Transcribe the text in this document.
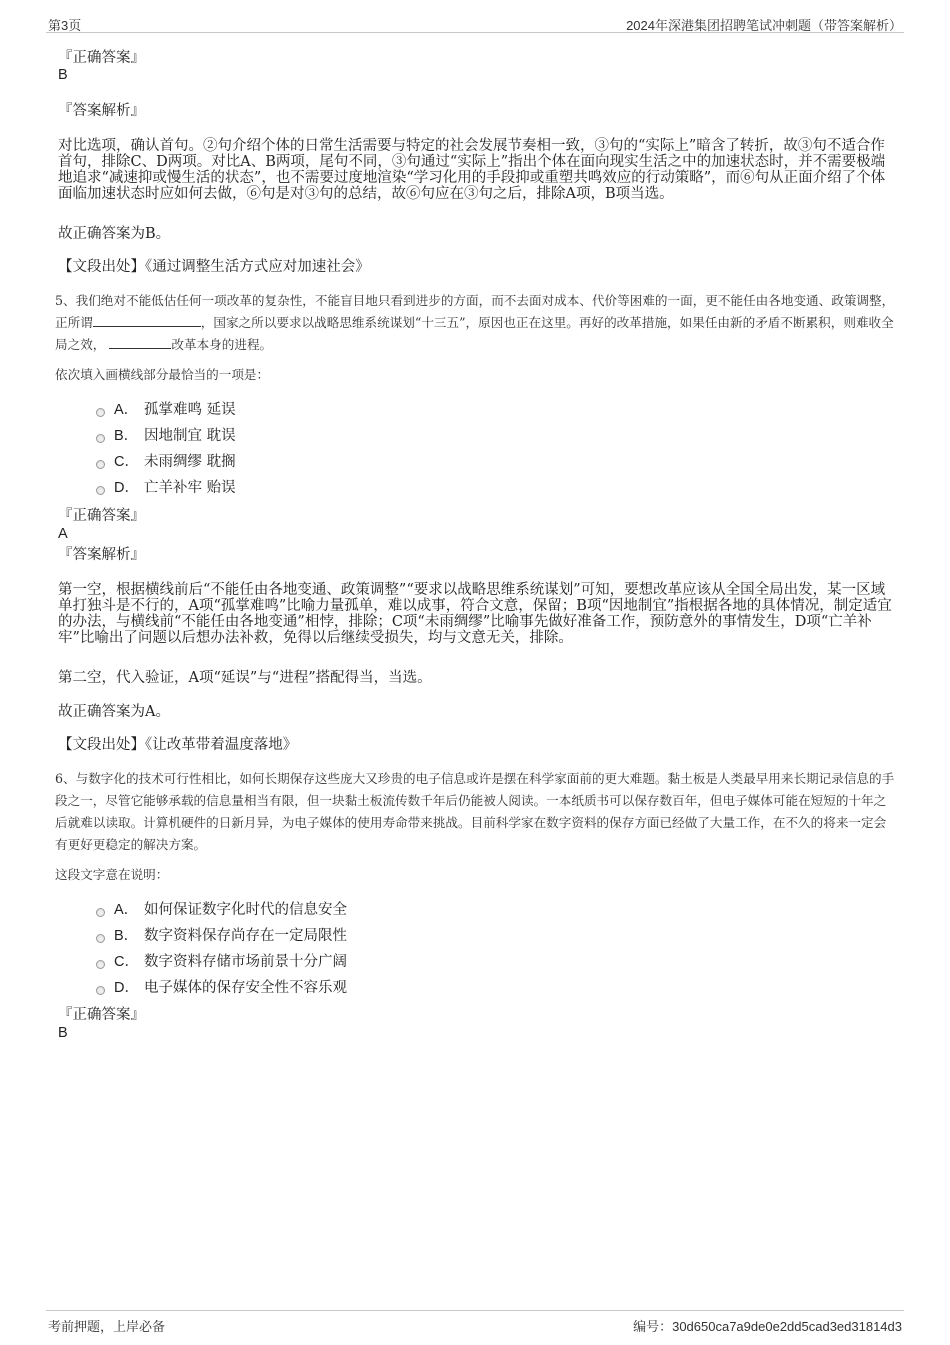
第3页	2024年深港集团招聘笔试冲刺题（带答案解析）
『正确答案』
B
『答案解析』

对比选项，确认首句。②句介绍个体的日常生活需要与特定的社会发展节奏相一致，③句的“实际上”暗含了转折，故③句不适合作首句，排除C、D两项。对比A、B两项，尾句不同，③句通过“实际上”指出个体在面向现实生活之中的加速状态时，并不需要极端地追求“减速抑或慢生活的状态”，也不需要过度地渲染“学习化用的手段抑或重塑共鸣效应的行动策略”，而⑥句从正面介绍了个体面临加速状态时应如何去做，⑥句是对③句的总结，故⑥句应在③句之后，排除A项，B项当选。

故正确答案为B。

【文段出处】《通过调整生活方式应对加速社会》

5、我们绝对不能低估任何一项改革的复杂性，不能盲目地只看到进步的方面，而不去面对成本、代价等困难的一面，更不能任由各地变通、政策调整，正所谓	，国家之所以要求以战略思维系统谋划“十三五”，原因也正在这里。再好的改革措施，如果任由新的矛盾不断累积，则难收全局之效，	改革本身的进程。

依次填入画横线部分最恰当的一项是：
A． 孤掌难鸣 延误
B． 因地制宜 耽误
C． 未雨绸缪 耽搁
D． 亡羊补牢 贻误
『正确答案』
A
『答案解析』

第一空，根据横线前后“不能任由各地变通、政策调整”“要求以战略思维系统谋划”可知，要想改革应该从全国全局出发，某一区域单打独斗是不行的，A项“孤掌难鸣”比喻力量孤单，难以成事，符合文意，保留；B项“因地制宜”指根据各地的具体情况，制定适宜的办法，与横线前“不能任由各地变通”相悖，排除；C项“未雨绸缪”比喻事先做好准备工作，预防意外的事情发生，D项“亡羊补牢”比喻出了问题以后想办法补救，免得以后继续受损失，均与文意无关，排除。

第二空，代入验证，A项“延误”与“进程”搭配得当，当选。

故正确答案为A。

【文段出处】《让改革带着温度落地》

6、与数字化的技术可行性相比，如何长期保存这些庞大又珍贵的电子信息或许是摆在科学家面前的更大难题。黏土板是人类最早用来长期记录信息的手段之一，尽管它能够承载的信息量相当有限，但一块黏土板流传数千年后仍能被人阅读。一本纸质书可以保存数百年，但电子媒体可能在短短的十年之后就难以读取。计算机硬件的日新月异，为电子媒体的使用寿命带来挑战。目前科学家在数字资料的保存方面已经做了大量工作，在不久的将来一定会有更好更稳定的解决方案。

这段文字意在说明：
A． 如何保证数字化时代的信息安全
B． 数字资料保存尚存在一定局限性
C． 数字资料存储市场前景十分广阔
D． 电子媒体的保存安全性不容乐观
『正确答案』
B
考前押题，上岸必备	编号：30d650ca7a9de0e2dd5cad3ed31814d3
